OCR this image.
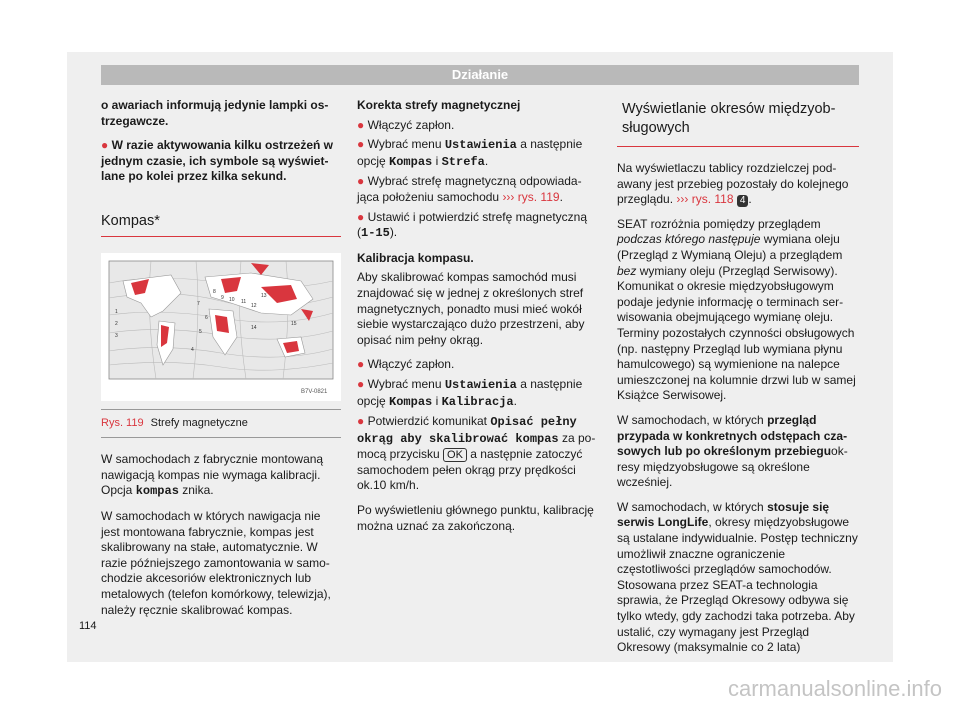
Działanie

o awariach informują jedynie lampki ostrzegawcze.

● W razie aktywowania kilku ostrzeżeń w jednym czasie, ich symbole są wyświetlane po kolei przez kilka sekund.

Kompas*
1
2
3
4
5
6
7
8
9 10 11
12
13
14
15
B7V-0821
Rys. 119 Strefy magnetyczne

W samochodach z fabrycznie montowaną nawigacją kompas nie wymaga kalibracji. Opcja kompas znika.

W samochodach w których nawigacja nie jest montowana fabrycznie, kompas jest skalibrowany na stałe, automatycznie. W razie późniejszego zamontowania w samochodzie akcesoriów elektronicznych lub metalowych (telefon komórkowy, telewizja), należy ręcznie skalibrować kompas.

Korekta strefy magnetycznej

● Włączyć zapłon.

● Wybrać menu Ustawienia a następnie opcję Kompas i Strefa.

● Wybrać strefę magnetyczną odpowiadająca położeniu samochodu ››› rys. 119.

● Ustawić i potwierdzić strefę magnetyczną (1-15).

Kalibracja kompasu.

Aby skalibrować kompas samochód musi znajdować się w jednej z określonych stref magnetycznych, ponadto musi mieć wokół siebie wystarczająco dużo przestrzeni, aby opisać nim pełny okrąg.

● Włączyć zapłon.

● Wybrać menu Ustawienia a następnie opcję Kompas i Kalibracja.

● Potwierdzić komunikat Opisać pełny okrąg aby skalibrować kompas za pomocą przycisku OK a następnie zatoczyć samochodem pełen okrąg przy prędkości ok.10 km/h.

Po wyświetleniu głównego punktu, kalibrację można uznać za zakończoną.

Wyświetlanie okresów międzyobsługowych

Na wyświetlaczu tablicy rozdzielczej podawany jest przebieg pozostały do kolejnego przeglądu. ››› rys. 118 4 .

SEAT rozróżnia pomiędzy przeglądem podczas którego następuje wymiana oleju (Przegląd z Wymianą Oleju) a przeglądem bez wymiany oleju (Przegląd Serwisowy). Komunikat o okresie międzyobsługowym podaje jedynie informację o terminach serwisowania obejmującego wymianę oleju. Terminy pozostałych czynności obsługowych (np. następny Przegląd lub wymiana płynu hamulcowego) są wymienione na nalepce umieszczonej na kolumnie drzwi lub w samej Książce Serwisowej.

W samochodach, w których przegląd przypada w konkretnych odstępach czasowych lub po określonym przebieguokresy międzyobsługowe są określone wcześniej.

W samochodach, w których stosuje się serwis LongLife, okresy międzyobsługowe są ustalane indywidualnie. Postęp techniczny umożliwił znaczne ograniczenie częstotliwości przeglądów samochodów. Stosowana przez SEAT-a technologia sprawia, że Przegląd Okresowy odbywa się tylko wtedy, gdy zachodzi taka potrzeba. Aby ustalić, czy wymagany jest Przegląd Okresowy (maksymalnie co 2 lata)

114
carmanualsonline.info
